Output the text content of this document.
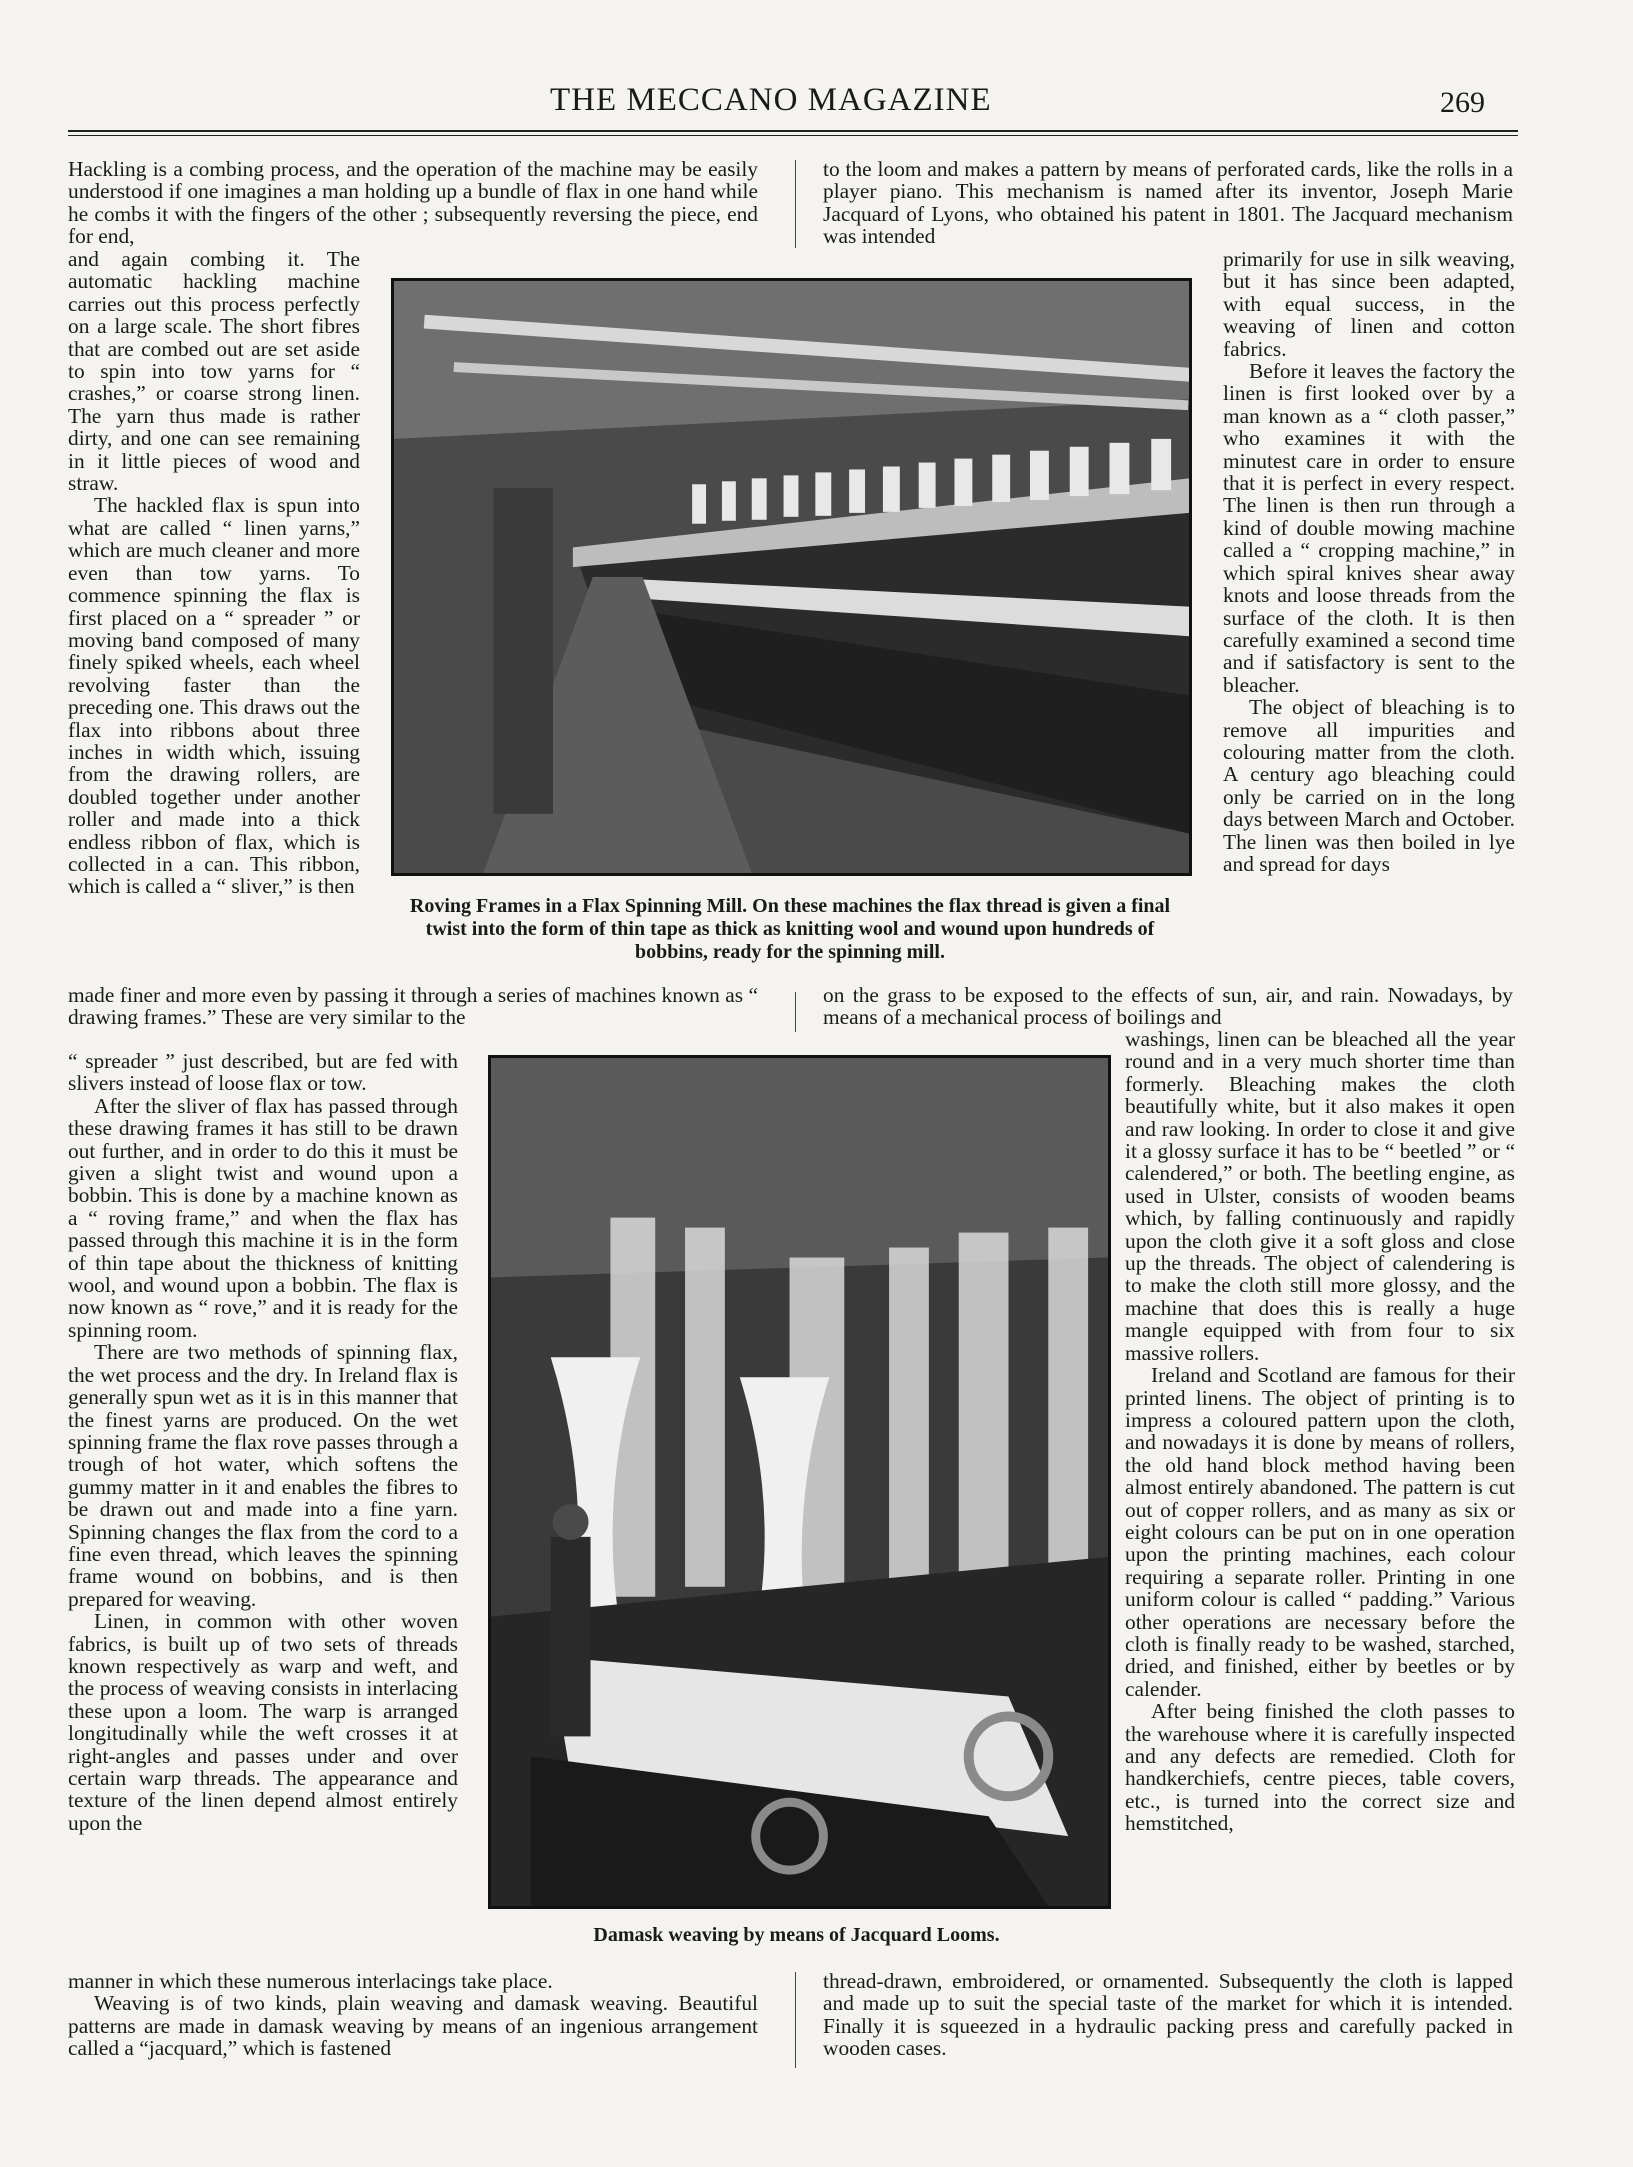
THE MECCANO MAGAZINE	269

Hackling is a combing process, and the operation of the machine may be easily understood if one imagines a man holding up a bundle of flax in one hand while he combs it with the fingers of the other ; subsequently reversing the piece, end for end,

to the loom and makes a pattern by means of perforated cards, like the rolls in a player piano. This mechanism is named after its inventor, Joseph Marie Jacquard of Lyons, who obtained his patent in 1801. The Jacquard mechanism was intended

and again combing it. The automatic hackling machine carries out this process perfectly on a large scale. The short fibres that are combed out are set aside to spin into tow yarns for “ crashes,” or coarse strong linen. The yarn thus made is rather dirty, and one can see remaining in it little pieces of wood and straw.

The hackled flax is spun into what are called “ linen yarns,” which are much cleaner and more even than tow yarns. To commence spinning the flax is first placed on a “ spreader ” or moving band composed of many finely spiked wheels, each wheel revolving faster than the preceding one. This draws out the flax into ribbons about three inches in width which, issuing from the drawing rollers, are doubled together under another roller and made into a thick endless ribbon of flax, which is collected in a can. This ribbon, which is called a “ sliver,” is then

Roving Frames in a Flax Spinning Mill. On these machines the flax thread is given a final twist into the form of thin tape as thick as knitting wool and wound upon hundreds of bobbins, ready for the spinning mill.

primarily for use in silk weaving, but it has since been adapted, with equal success, in the weaving of linen and cotton fabrics.

Before it leaves the factory the linen is first looked over by a man known as a “ cloth passer,” who examines it with the minutest care in order to ensure that it is perfect in every respect. The linen is then run through a kind of double mowing machine called a “ cropping machine,” in which spiral knives shear away knots and loose threads from the surface of the cloth. It is then carefully examined a second time and if satisfactory is sent to the bleacher.

The object of bleaching is to remove all impurities and colouring matter from the cloth. A century ago bleaching could only be carried on in the long days between March and October. The linen was then boiled in lye and spread for days

made finer and more even by passing it through a series of machines known as “ drawing frames.” These are very similar to the

on the grass to be exposed to the effects of sun, air, and rain. Nowadays, by means of a mechanical process of boilings and

“ spreader ” just described, but are fed with slivers instead of loose flax or tow.

After the sliver of flax has passed through these drawing frames it has still to be drawn out further, and in order to do this it must be given a slight twist and wound upon a bobbin. This is done by a machine known as a “ roving frame,” and when the flax has passed through this machine it is in the form of thin tape about the thickness of knitting wool, and wound upon a bobbin. The flax is now known as “ rove,” and it is ready for the spinning room.

There are two methods of spinning flax, the wet process and the dry. In Ireland flax is generally spun wet as it is in this manner that the finest yarns are produced. On the wet spinning frame the flax rove passes through a trough of hot water, which softens the gummy matter in it and enables the fibres to be drawn out and made into a fine yarn. Spinning changes the flax from the cord to a fine even thread, which leaves the spinning frame wound on bobbins, and is then prepared for weaving.

Linen, in common with other woven fabrics, is built up of two sets of threads known respectively as warp and weft, and the process of weaving consists in interlacing these upon a loom. The warp is arranged longitudinally while the weft crosses it at right-angles and passes under and over certain warp threads. The appearance and texture of the linen depend almost entirely upon the

Damask weaving by means of Jacquard Looms.

washings, linen can be bleached all the year round and in a very much shorter time than formerly. Bleaching makes the cloth beautifully white, but it also makes it open and raw looking. In order to close it and give it a glossy surface it has to be “ beetled ” or “ calendered,” or both. The beetling engine, as used in Ulster, consists of wooden beams which, by falling continuously and rapidly upon the cloth give it a soft gloss and close up the threads. The object of calendering is to make the cloth still more glossy, and the machine that does this is really a huge mangle equipped with from four to six massive rollers.

Ireland and Scotland are famous for their printed linens. The object of printing is to impress a coloured pattern upon the cloth, and nowadays it is done by means of rollers, the old hand block method having been almost entirely abandoned. The pattern is cut out of copper rollers, and as many as six or eight colours can be put on in one operation upon the printing machines, each colour requiring a separate roller. Printing in one uniform colour is called “ padding.” Various other operations are necessary before the cloth is finally ready to be washed, starched, dried, and finished, either by beetles or by calender.

After being finished the cloth passes to the warehouse where it is carefully inspected and any defects are remedied. Cloth for handkerchiefs, centre pieces, table covers, etc., is turned into the correct size and hemstitched,

manner in which these numerous interlacings take place.

Weaving is of two kinds, plain weaving and damask weaving. Beautiful patterns are made in damask weaving by means of an ingenious arrangement called a “jacquard,” which is fastened

thread-drawn, embroidered, or ornamented. Subsequently the cloth is lapped and made up to suit the special taste of the market for which it is intended. Finally it is squeezed in a hydraulic packing press and carefully packed in wooden cases.
